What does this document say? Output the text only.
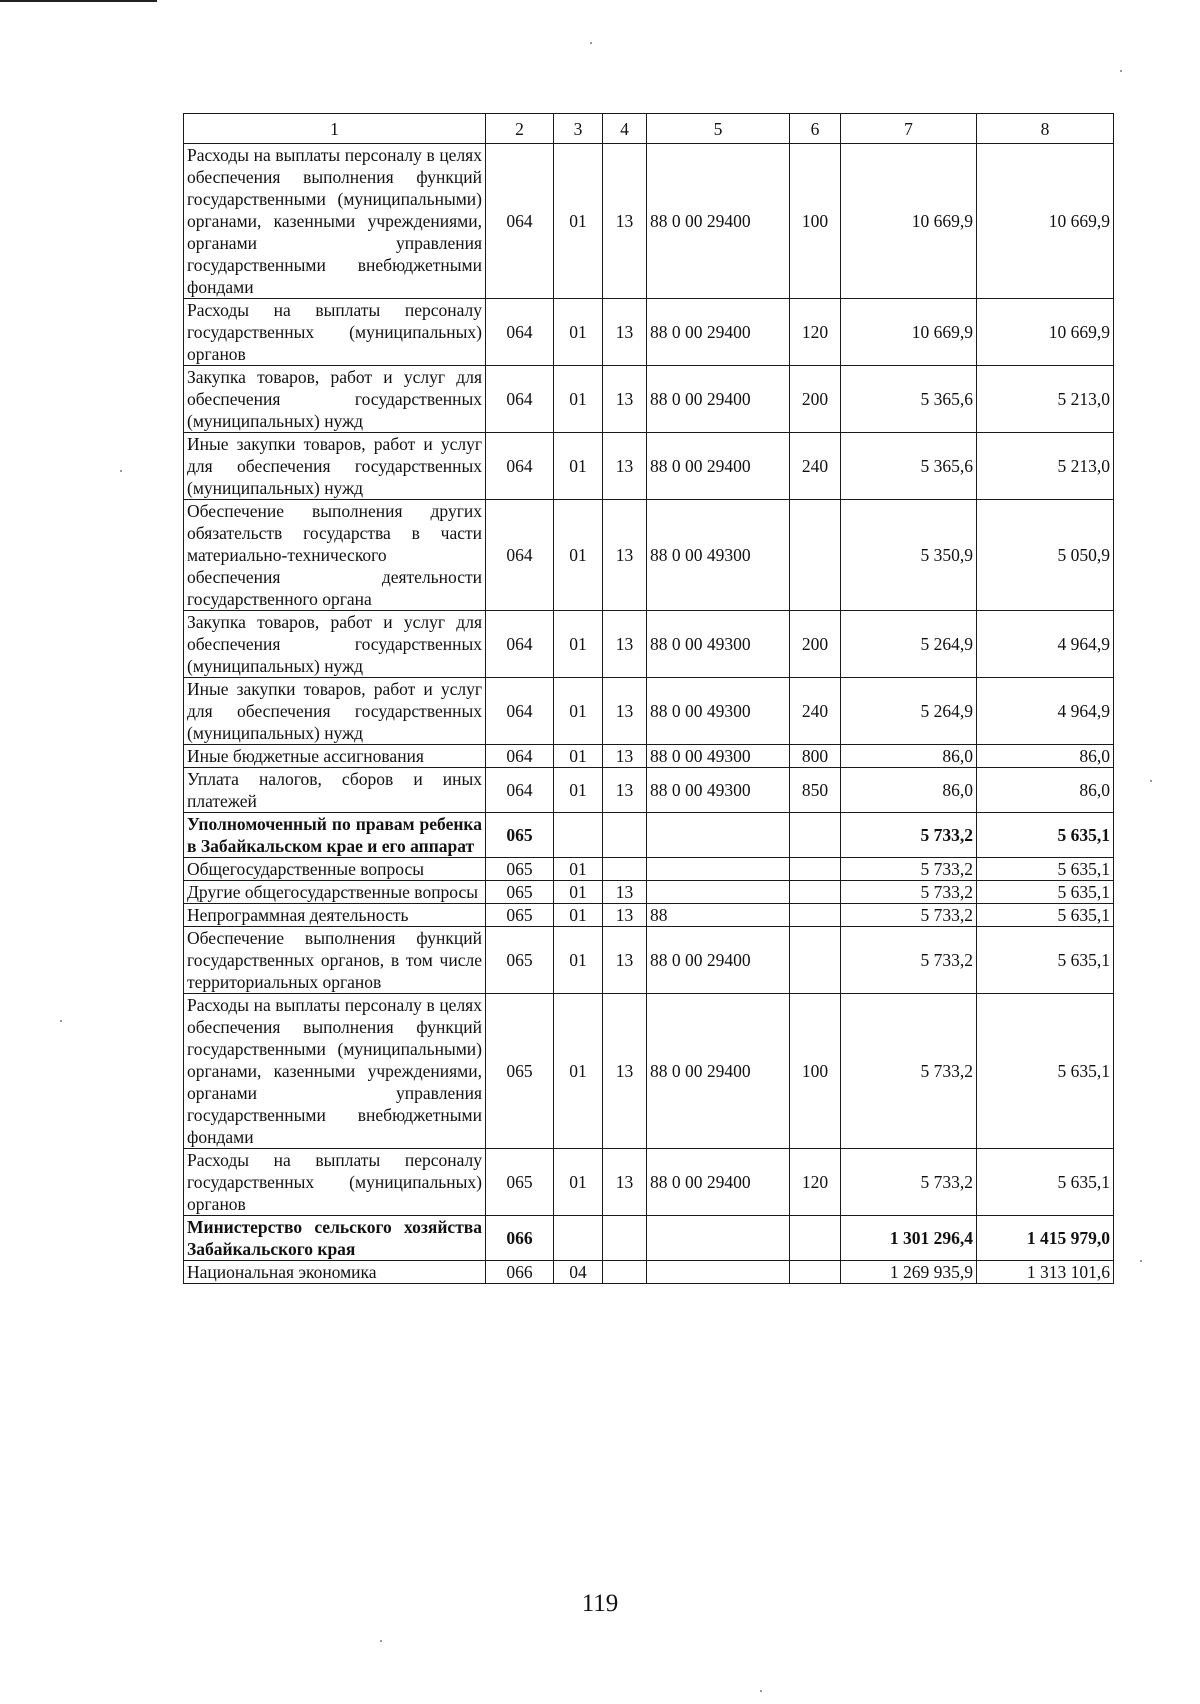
1	2	3	4	5	6	7	8
Расходы на выплаты персоналу в целях обеспечения выполнения функций государственными (муниципальными) органами, казенными учреждениями, органами управления государственными внебюджетными фондами	064	01	13	88 0 00 29400	100	10 669,9	10 669,9
Расходы на выплаты персоналу государственных (муниципальных) органов	064	01	13	88 0 00 29400	120	10 669,9	10 669,9
Закупка товаров, работ и услуг для обеспечения государственных (муниципальных) нужд	064	01	13	88 0 00 29400	200	5 365,6	5 213,0
Иные закупки товаров, работ и услуг для обеспечения государственных (муниципальных) нужд	064	01	13	88 0 00 29400	240	5 365,6	5 213,0
Обеспечение выполнения других обязательств государства в части материально-технического обеспечения деятельности государственного органа	064	01	13	88 0 00 49300		5 350,9	5 050,9
Закупка товаров, работ и услуг для обеспечения государственных (муниципальных) нужд	064	01	13	88 0 00 49300	200	5 264,9	4 964,9
Иные закупки товаров, работ и услуг для обеспечения государственных (муниципальных) нужд	064	01	13	88 0 00 49300	240	5 264,9	4 964,9
Иные бюджетные ассигнования	064	01	13	88 0 00 49300	800	86,0	86,0
Уплата налогов, сборов и иных платежей	064	01	13	88 0 00 49300	850	86,0	86,0
Уполномоченный по правам ребенка в Забайкальском крае и его аппарат	065					5 733,2	5 635,1
Общегосударственные вопросы	065	01				5 733,2	5 635,1
Другие общегосударственные вопросы	065	01	13			5 733,2	5 635,1
Непрограммная деятельность	065	01	13	88		5 733,2	5 635,1
Обеспечение выполнения функций государственных органов, в том числе территориальных органов	065	01	13	88 0 00 29400		5 733,2	5 635,1
Расходы на выплаты персоналу в целях обеспечения выполнения функций государственными (муниципальными) органами, казенными учреждениями, органами управления государственными внебюджетными фондами	065	01	13	88 0 00 29400	100	5 733,2	5 635,1
Расходы на выплаты персоналу государственных (муниципальных) органов	065	01	13	88 0 00 29400	120	5 733,2	5 635,1
Министерство сельского хозяйства Забайкальского края	066					1 301 296,4	1 415 979,0
Национальная экономика	066	04				1 269 935,9	1 313 101,6
119
